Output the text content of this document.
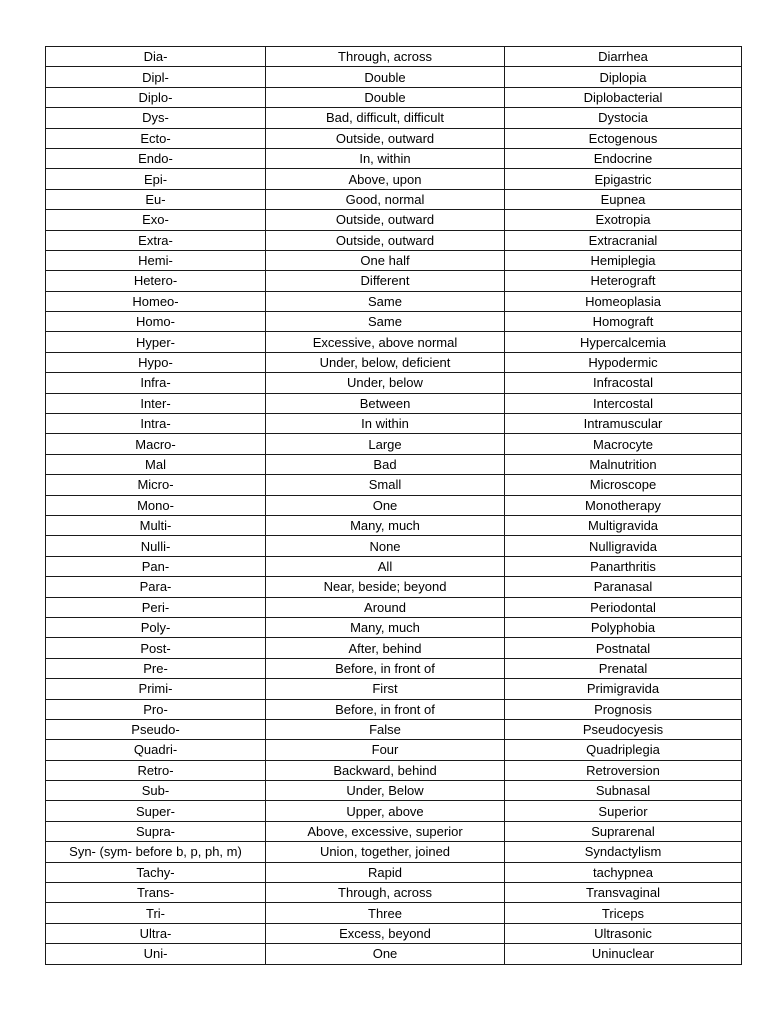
Dia-	Through, across	Diarrhea
Dipl-	Double	Diplopia
Diplo-	Double	Diplobacterial
Dys-	Bad, difficult, difficult	Dystocia
Ecto-	Outside, outward	Ectogenous
Endo-	In, within	Endocrine
Epi-	Above, upon	Epigastric
Eu-	Good, normal	Eupnea
Exo-	Outside, outward	Exotropia
Extra-	Outside, outward	Extracranial
Hemi-	One half	Hemiplegia
Hetero-	Different	Heterograft
Homeo-	Same	Homeoplasia
Homo-	Same	Homograft
Hyper-	Excessive, above normal	Hypercalcemia
Hypo-	Under, below, deficient	Hypodermic
Infra-	Under, below	Infracostal
Inter-	Between	Intercostal
Intra-	In within	Intramuscular
Macro-	Large	Macrocyte
Mal	Bad	Malnutrition
Micro-	Small	Microscope
Mono-	One	Monotherapy
Multi-	Many, much	Multigravida
Nulli-	None	Nulligravida
Pan-	All	Panarthritis
Para-	Near, beside; beyond	Paranasal
Peri-	Around	Periodontal
Poly-	Many, much	Polyphobia
Post-	After, behind	Postnatal
Pre-	Before, in front of	Prenatal
Primi-	First	Primigravida
Pro-	Before, in front of	Prognosis
Pseudo-	False	Pseudocyesis
Quadri-	Four	Quadriplegia
Retro-	Backward, behind	Retroversion
Sub-	Under, Below	Subnasal
Super-	Upper, above	Superior
Supra-	Above, excessive, superior	Suprarenal
Syn- (sym- before b, p, ph, m)	Union, together, joined	Syndactylism
Tachy-	Rapid	tachypnea
Trans-	Through, across	Transvaginal
Tri-	Three	Triceps
Ultra-	Excess, beyond	Ultrasonic
Uni-	One	Uninuclear
